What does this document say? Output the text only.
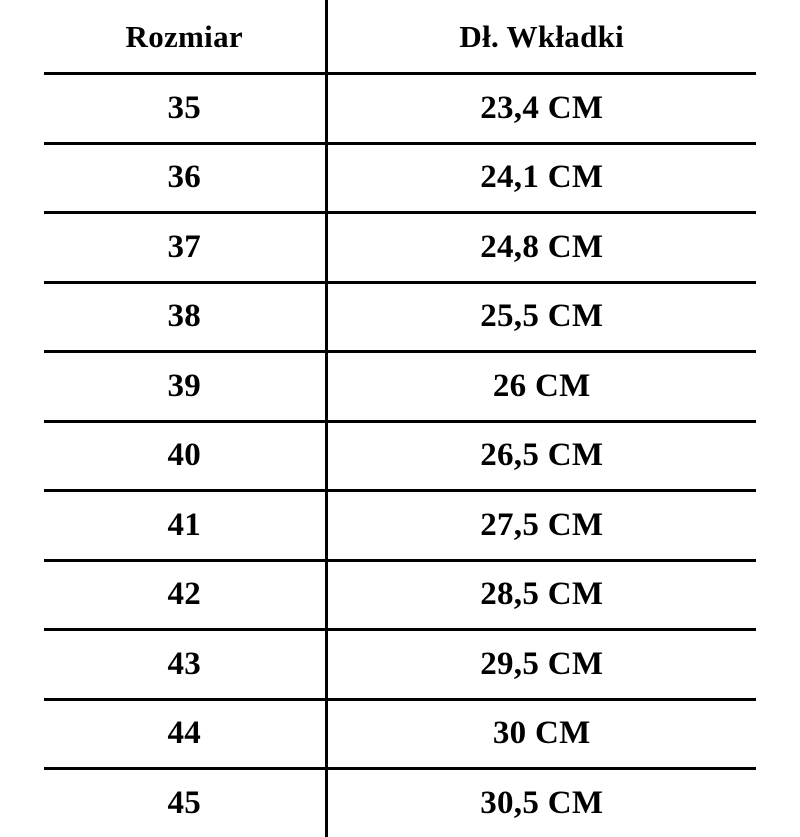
Rozmiar	Dł. Wkładki
35	23,4 CM
36	24,1 CM
37	24,8 CM
38	25,5 CM
39	26 CM
40	26,5 CM
41	27,5 CM
42	28,5 CM
43	29,5 CM
44	30 CM
45	30,5 CM
